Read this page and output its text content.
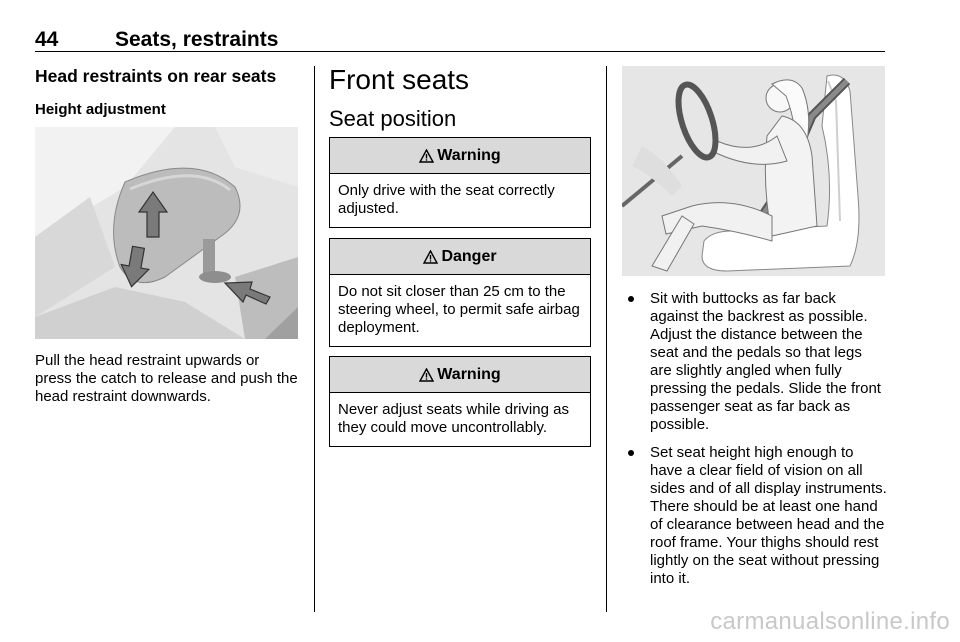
44	Seats, restraints
Head restraints on rear seats
Height adjustment
Pull the head restraint upwards or press the catch to release and push the head restraint downwards.
Front seats
Seat position
Warning
Only drive with the seat correctly adjusted.
Danger
Do not sit closer than 25 cm to the steering wheel, to permit safe airbag deployment.
Warning
Never adjust seats while driving as they could move uncontrollably.
Sit with buttocks as far back against the backrest as possible. Adjust the distance between the seat and the pedals so that legs are slightly angled when fully pressing the pedals. Slide the front passenger seat as far back as possible.
Set seat height high enough to have a clear field of vision on all sides and of all display instruments. There should be at least one hand of clearance between head and the roof frame. Your thighs should rest lightly on the seat without pressing into it.
carmanualsonline.info
